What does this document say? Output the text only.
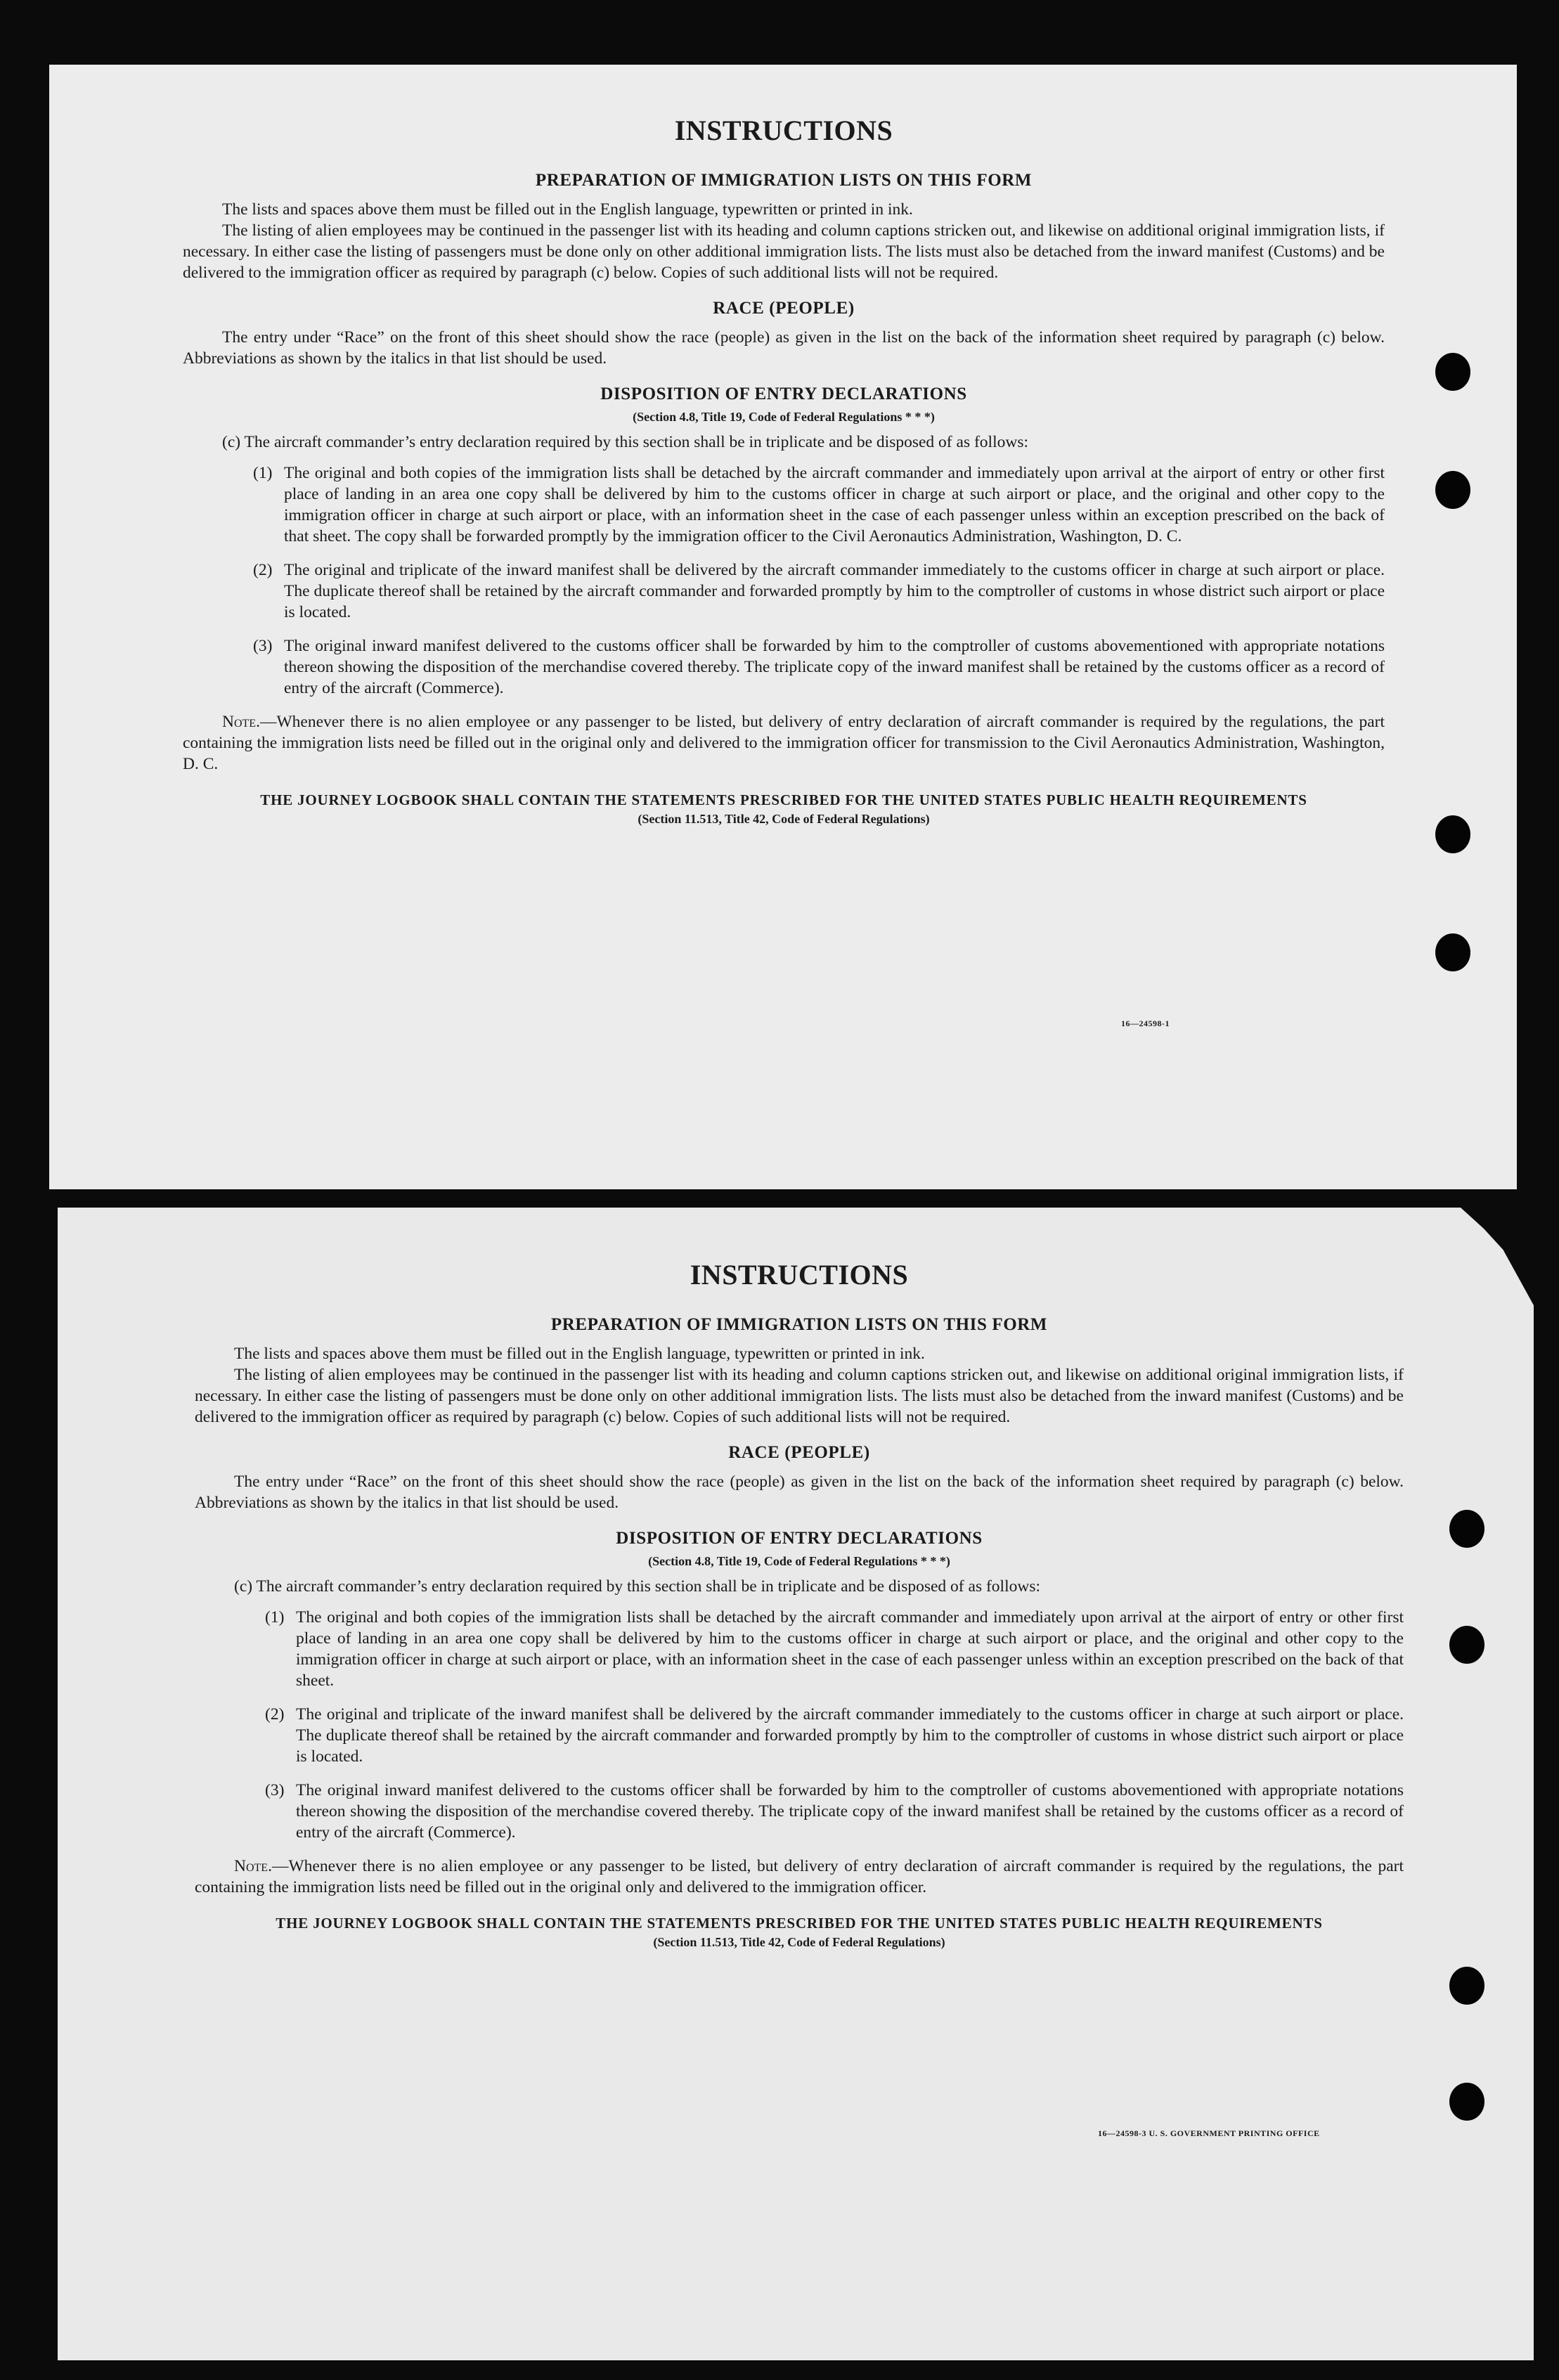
INSTRUCTIONS
PREPARATION OF IMMIGRATION LISTS ON THIS FORM

The lists and spaces above them must be filled out in the English language, typewritten or printed in ink.

The listing of alien employees may be continued in the passenger list with its heading and column captions stricken out, and likewise on additional original immigration lists, if necessary. In either case the listing of passengers must be done only on other additional immigration lists. The lists must also be detached from the inward manifest (Customs) and be delivered to the immigration officer as required by paragraph (c) below. Copies of such additional lists will not be required.

RACE (PEOPLE)

The entry under “Race” on the front of this sheet should show the race (people) as given in the list on the back of the information sheet required by paragraph (c) below. Abbreviations as shown by the italics in that list should be used.

DISPOSITION OF ENTRY DECLARATIONS
(Section 4.8, Title 19, Code of Federal Regulations * * *)

(c) The aircraft commander’s entry declaration required by this section shall be in triplicate and be disposed of as follows:

(1) The original and both copies of the immigration lists shall be detached by the aircraft commander and immediately upon arrival at the airport of entry or other first place of landing in an area one copy shall be delivered by him to the customs officer in charge at such airport or place, and the original and other copy to the immigration officer in charge at such airport or place, with an information sheet in the case of each passenger unless within an exception prescribed on the back of that sheet. The copy shall be forwarded promptly by the immigration officer to the Civil Aeronautics Administration, Washington, D. C.
(2) The original and triplicate of the inward manifest shall be delivered by the aircraft commander immediately to the customs officer in charge at such airport or place. The duplicate thereof shall be retained by the aircraft commander and forwarded promptly by him to the comptroller of customs in whose district such airport or place is located.
(3) The original inward manifest delivered to the customs officer shall be forwarded by him to the comptroller of customs abovementioned with appropriate notations thereon showing the disposition of the merchandise covered thereby. The triplicate copy of the inward manifest shall be retained by the customs officer as a record of entry of the aircraft (Commerce).

Note.—Whenever there is no alien employee or any passenger to be listed, but delivery of entry declaration of aircraft commander is required by the regulations, the part containing the immigration lists need be filled out in the original only and delivered to the immigration officer for transmission to the Civil Aeronautics Administration, Washington, D. C.

THE JOURNEY LOGBOOK SHALL CONTAIN THE STATEMENTS PRESCRIBED FOR THE UNITED STATES PUBLIC HEALTH REQUIREMENTS
(Section 11.513, Title 42, Code of Federal Regulations)
16—24598-1

INSTRUCTIONS
PREPARATION OF IMMIGRATION LISTS ON THIS FORM

The lists and spaces above them must be filled out in the English language, typewritten or printed in ink.

The listing of alien employees may be continued in the passenger list with its heading and column captions stricken out, and likewise on additional original immigration lists, if necessary. In either case the listing of passengers must be done only on other additional immigration lists. The lists must also be detached from the inward manifest (Customs) and be delivered to the immigration officer as required by paragraph (c) below. Copies of such additional lists will not be required.

RACE (PEOPLE)

The entry under “Race” on the front of this sheet should show the race (people) as given in the list on the back of the information sheet required by paragraph (c) below. Abbreviations as shown by the italics in that list should be used.

DISPOSITION OF ENTRY DECLARATIONS
(Section 4.8, Title 19, Code of Federal Regulations * * *)

(c) The aircraft commander’s entry declaration required by this section shall be in triplicate and be disposed of as follows:

(1) The original and both copies of the immigration lists shall be detached by the aircraft commander and immediately upon arrival at the airport of entry or other first place of landing in an area one copy shall be delivered by him to the customs officer in charge at such airport or place, and the original and other copy to the immigration officer in charge at such airport or place, with an information sheet in the case of each passenger unless within an exception prescribed on the back of that sheet.
(2) The original and triplicate of the inward manifest shall be delivered by the aircraft commander immediately to the customs officer in charge at such airport or place. The duplicate thereof shall be retained by the aircraft commander and forwarded promptly by him to the comptroller of customs in whose district such airport or place is located.
(3) The original inward manifest delivered to the customs officer shall be forwarded by him to the comptroller of customs abovementioned with appropriate notations thereon showing the disposition of the merchandise covered thereby. The triplicate copy of the inward manifest shall be retained by the customs officer as a record of entry of the aircraft (Commerce).

Note.—Whenever there is no alien employee or any passenger to be listed, but delivery of entry declaration of aircraft commander is required by the regulations, the part containing the immigration lists need be filled out in the original only and delivered to the immigration officer.

THE JOURNEY LOGBOOK SHALL CONTAIN THE STATEMENTS PRESCRIBED FOR THE UNITED STATES PUBLIC HEALTH REQUIREMENTS
(Section 11.513, Title 42, Code of Federal Regulations)
16—24598-3 U. S. GOVERNMENT PRINTING OFFICE
